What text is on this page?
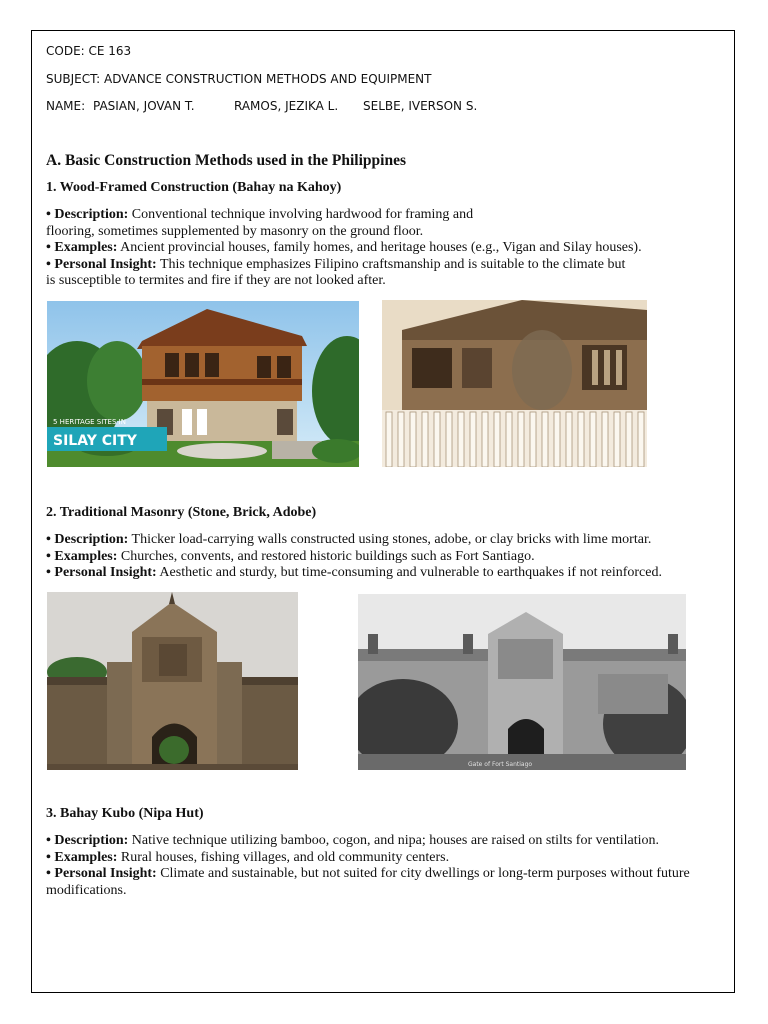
CODE: CE 163
SUBJECT: ADVANCE CONSTRUCTION METHODS AND EQUIPMENT
NAME: PASIAN, JOVAN T.	RAMOS, JEZIKA L. SELBE, IVERSON S.
A. Basic Construction Methods used in the Philippines
1. Wood-Framed Construction (Bahay na Kahoy)
• Description: Conventional technique involving hardwood for framing and
flooring, sometimes supplemented by masonry on the ground floor.
• Examples: Ancient provincial houses, family homes, and heritage houses (e.g., Vigan and Silay houses).
• Personal Insight: This technique emphasizes Filipino craftsmanship and is suitable to the climate but
is susceptible to termites and fire if they are not looked after.
5 HERITAGE SITES IN
SILAY CITY
2. Traditional Masonry (Stone, Brick, Adobe)
• Description: Thicker load-carrying walls constructed using stones, adobe, or clay bricks with lime mortar.
• Examples: Churches, convents, and restored historic buildings such as Fort Santiago.
• Personal Insight: Aesthetic and sturdy, but time-consuming and vulnerable to earthquakes if not reinforced.
Gate of Fort Santiago
3. Bahay Kubo (Nipa Hut)
• Description: Native technique utilizing bamboo, cogon, and nipa; houses are raised on stilts for ventilation.
• Examples: Rural houses, fishing villages, and old community centers.
• Personal Insight: Climate and sustainable, but not suited for city dwellings or long-term purposes without future
modifications.
